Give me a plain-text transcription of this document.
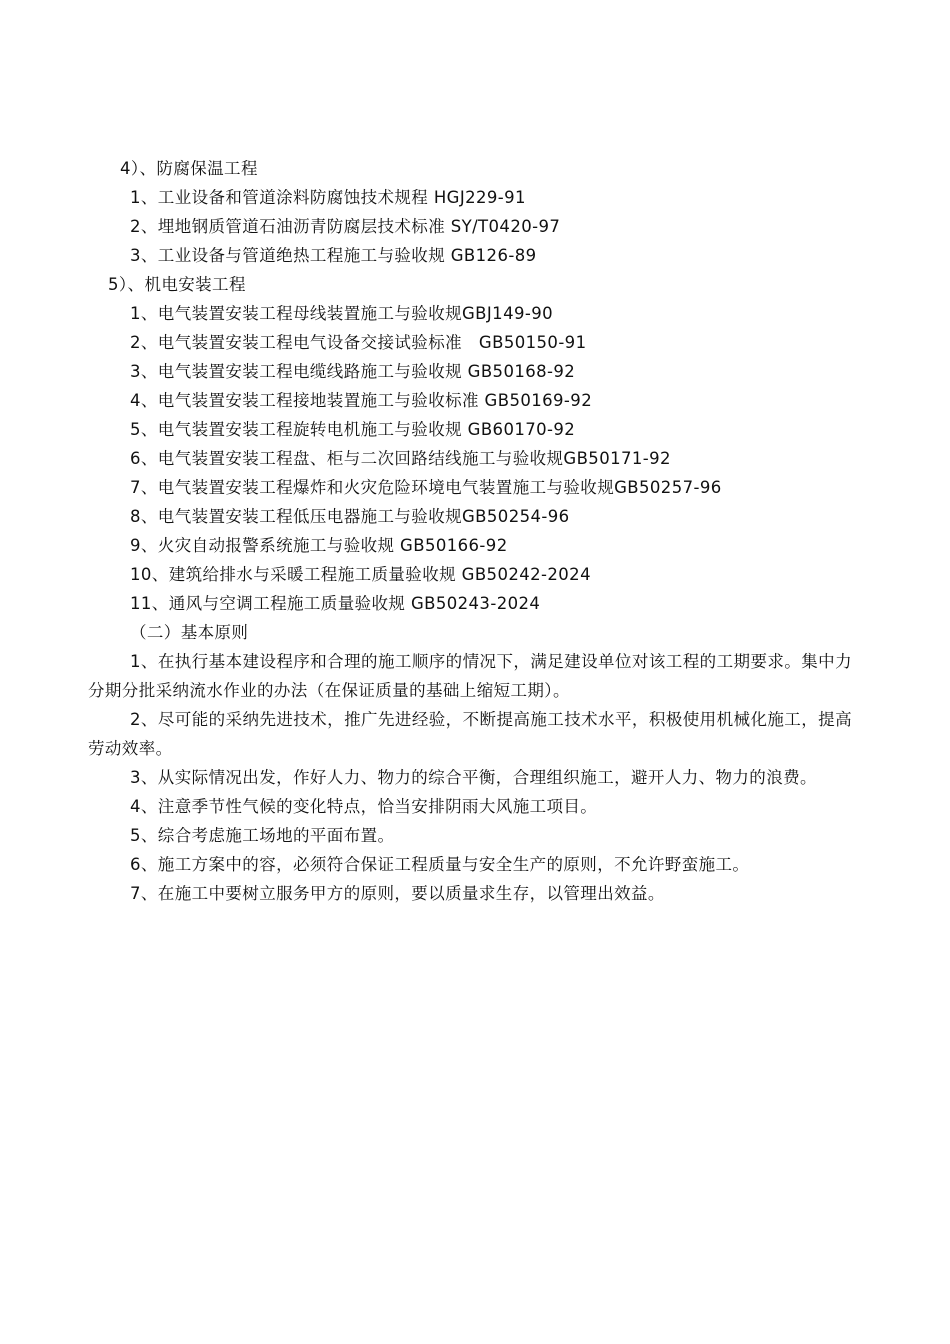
4）、防腐保温工程
1、工业设备和管道涂料防腐蚀技术规程 HGJ229-91
2、埋地钢质管道石油沥青防腐层技术标准 SY/T0420-97
3、工业设备与管道绝热工程施工与验收规 GB126-89
5）、机电安装工程
1、电气装置安装工程母线装置施工与验收规GBJ149-90
2、电气装置安装工程电气设备交接试验标准   GB50150-91
3、电气装置安装工程电缆线路施工与验收规 GB50168-92
4、电气装置安装工程接地装置施工与验收标准 GB50169-92
5、电气装置安装工程旋转电机施工与验收规 GB60170-92
6、电气装置安装工程盘、柜与二次回路结线施工与验收规GB50171-92
7、电气装置安装工程爆炸和火灾危险环境电气装置施工与验收规GB50257-96
8、电气装置安装工程低压电器施工与验收规GB50254-96
9、火灾自动报警系统施工与验收规 GB50166-92
10、建筑给排水与采暖工程施工质量验收规 GB50242-2024
11、通风与空调工程施工质量验收规 GB50243-2024
（二）基本原则

1、在执行基本建设程序和合理的施工顺序的情况下，满足建设单位对该工程的工期要求。集中力分期分批采纳流水作业的办法（在保证质量的基础上缩短工期）。

2、尽可能的采纳先进技术，推广先进经验，不断提高施工技术水平，积极使用机械化施工，提高劳动效率。

3、从实际情况出发，作好人力、物力的综合平衡，合理组织施工，避开人力、物力的浪费。

4、注意季节性气候的变化特点，恰当安排阴雨大风施工项目。

5、综合考虑施工场地的平面布置。

6、施工方案中的容，必须符合保证工程质量与安全生产的原则，不允许野蛮施工。

7、在施工中要树立服务甲方的原则，要以质量求生存，以管理出效益。
